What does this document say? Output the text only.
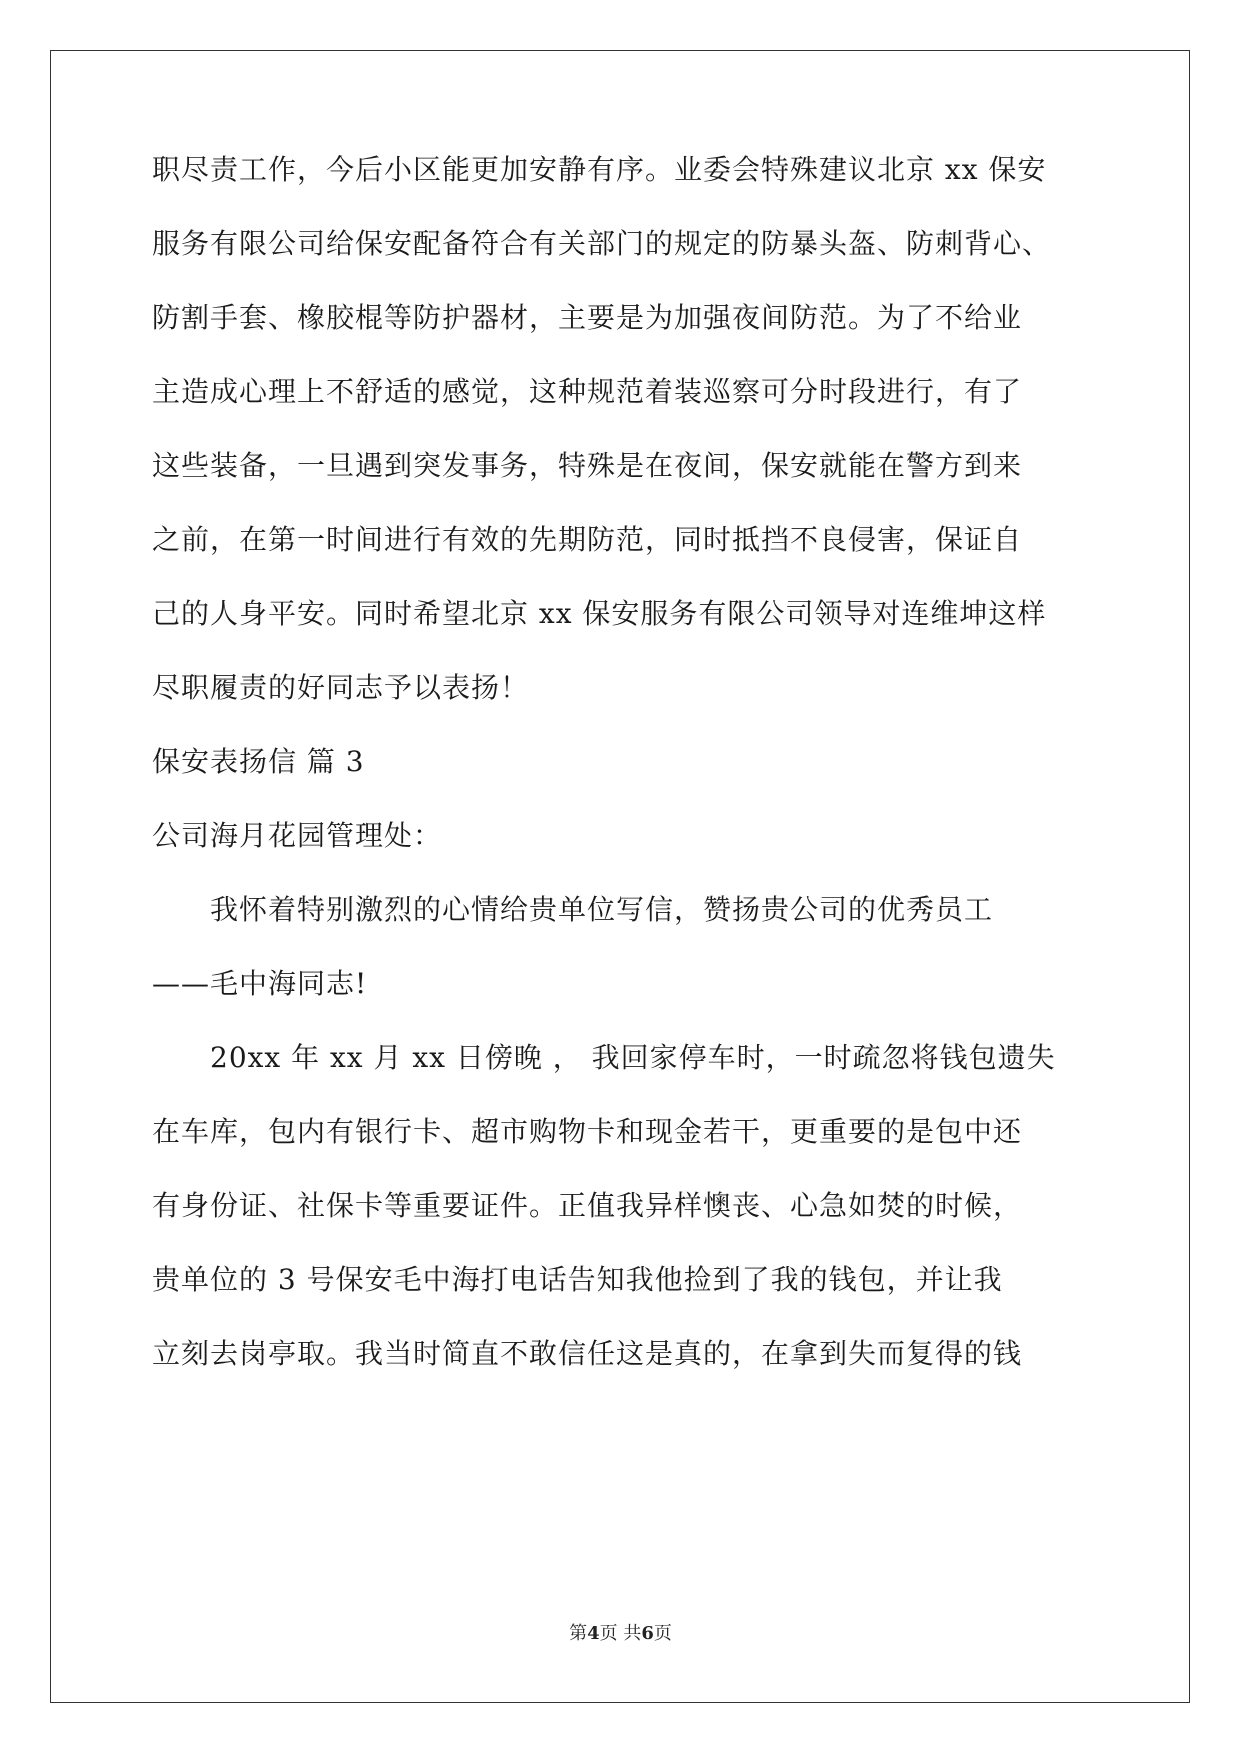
职尽责工作，今后小区能更加安静有序。业委会特殊建议北京 xx 保安
服务有限公司给保安配备符合有关部门的规定的防暴头盔、防刺背心、
防割手套、橡胶棍等防护器材，主要是为加强夜间防范。为了不给业
主造成心理上不舒适的感觉，这种规范着装巡察可分时段进行，有了
这些装备，一旦遇到突发事务，特殊是在夜间，保安就能在警方到来
之前，在第一时间进行有效的先期防范，同时抵挡不良侵害，保证自
己的人身平安。同时希望北京 xx 保安服务有限公司领导对连维坤这样
尽职履责的好同志予以表扬！
保安表扬信 篇 3
公司海月花园管理处：
我怀着特别激烈的心情给贵单位写信，赞扬贵公司的优秀员工
——毛中海同志!
20xx 年 xx 月 xx 日傍晚 ， 我回家停车时，一时疏忽将钱包遗失
在车库，包内有银行卡、超市购物卡和现金若干，更重要的是包中还
有身份证、社保卡等重要证件。正值我异样懊丧、心急如焚的时候，
贵单位的 3 号保安毛中海打电话告知我他捡到了我的钱包，并让我
立刻去岗亭取。我当时简直不敢信任这是真的，在拿到失而复得的钱
第4页 共6页
